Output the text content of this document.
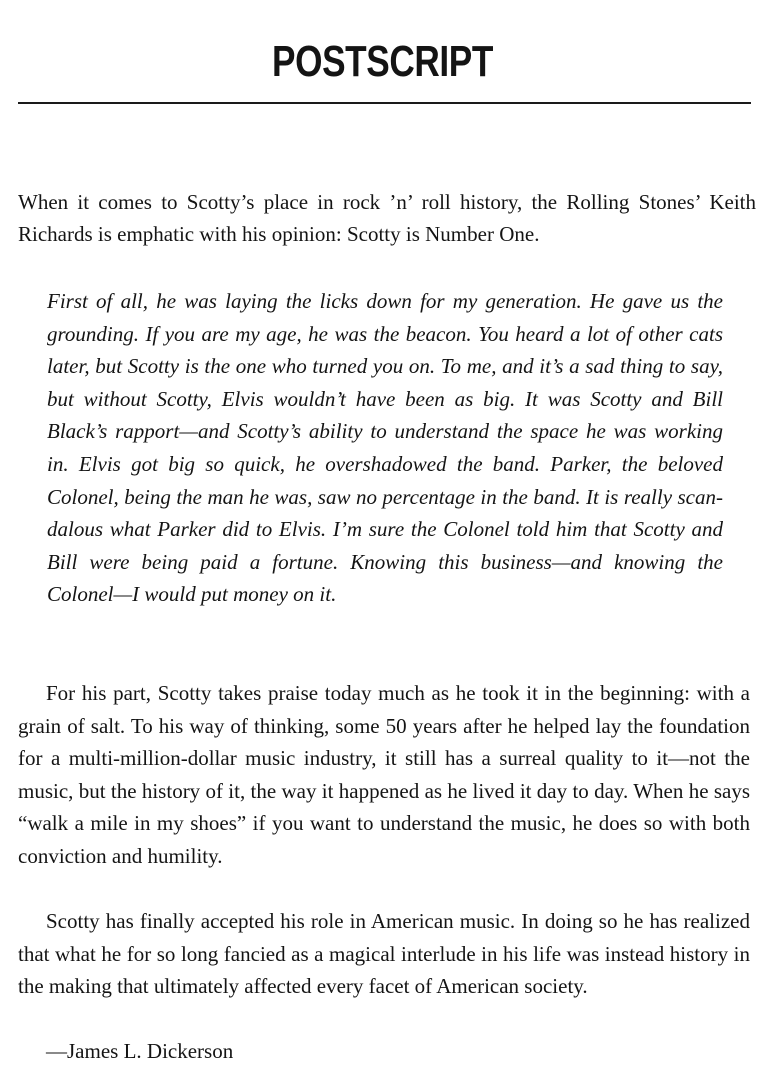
POSTSCRIPT

When it comes to Scotty’s place in rock ’n’ roll history, the Rolling Stones’ Keith Richards is emphatic with his opinion: Scotty is Number One.

First of all, he was laying the licks down for my generation. He gave us the grounding. If you are my age, he was the beacon. You heard a lot of other cats later, but Scotty is the one who turned you on. To me, and it’s a sad thing to say, but without Scotty, Elvis wouldn’t have been as big. It was Scotty and Bill Black’s rapport—and Scotty’s ability to understand the space he was working in. Elvis got big so quick, he overshadowed the band. Parker, the beloved Colonel, being the man he was, saw no percentage in the band. It is really scandalous what Parker did to Elvis. I’m sure the Colonel told him that Scotty and Bill were being paid a fortune. Knowing this business—and knowing the Colonel—I would put money on it.

For his part, Scotty takes praise today much as he took it in the beginning: with a grain of salt. To his way of thinking, some 50 years after he helped lay the foundation for a multi-million-dollar music industry, it still has a surreal quality to it—not the music, but the history of it, the way it happened as he lived it day to day. When he says “walk a mile in my shoes” if you want to understand the music, he does so with both conviction and humility.

Scotty has finally accepted his role in American music. In doing so he has realized that what he for so long fancied as a magical interlude in his life was instead history in the making that ultimately affected every facet of American society.

—James L. Dickerson
